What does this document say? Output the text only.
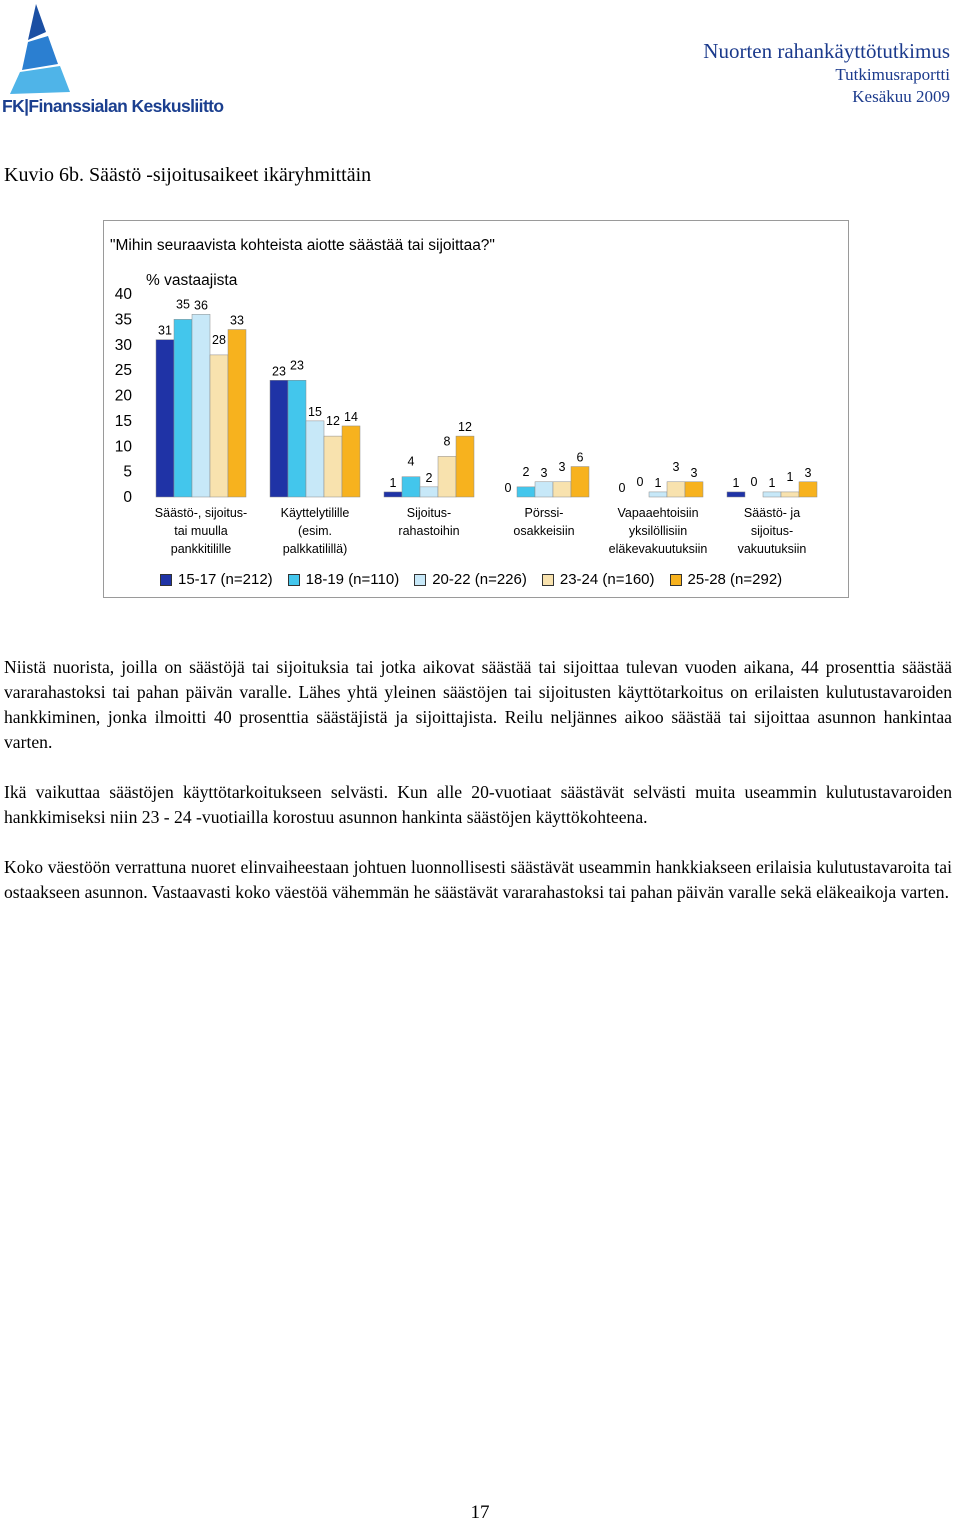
FK|Finanssialan Keskusliitto
Nuorten rahankäyttötutkimus
Tutkimusraportti
Kesäkuu 2009
Kuvio 6b. Säästö -sijoitusaikeet ikäryhmittäin
"Mihin seuraavista kohteista aiotte säästää tai sijoittaa?"
% vastaajista
0
5
10
15
20
25
30
35
40
Säästö-, sijoitus-
tai muulla
pankkitilille
Käyttelytilille
(esim.
palkkatilillä)
Sijoitus-
rahastoihin
Pörssi-
osakkeisiin
Vapaaehtoisiin
yksilöllisiin
eläkevakuutuksiin
Säästö- ja
sijoitus-
vakuutuksiin
31
23
1	0	0	1
35
23
4
2
0	0
36
15
2	3
1	1
28
12
8
3	3
1
33
14
12
6
3	3
15-17 (n=212) 18-19 (n=110) 20-22 (n=226) 23-24 (n=160) 25-28 (n=292)

Niistä nuorista, joilla on säästöjä tai sijoituksia tai jotka aikovat säästää tai sijoittaa tulevan vuoden aikana, 44 prosenttia säästää vararahastoksi tai pahan päivän varalle. Lähes yhtä yleinen säästöjen tai sijoitusten käyttötarkoitus on erilaisten kulutustavaroiden hankkiminen, jonka ilmoitti 40 prosenttia säästäjistä ja sijoittajista. Reilu neljännes aikoo säästää tai sijoittaa asunnon hankintaa varten.

Ikä vaikuttaa säästöjen käyttötarkoitukseen selvästi. Kun alle 20-vuotiaat säästävät selvästi muita useammin kulutustavaroiden hankkimiseksi niin 23 - 24 -vuotiailla korostuu asunnon hankinta säästöjen käyttökohteena.

Koko väestöön verrattuna nuoret elinvaiheestaan johtuen luonnollisesti säästävät useammin hankkiakseen erilaisia kulutustavaroita tai ostaakseen asunnon. Vastaavasti koko väestöä vähemmän he säästävät vararahastoksi tai pahan päivän varalle sekä eläkeaikoja varten.

17
